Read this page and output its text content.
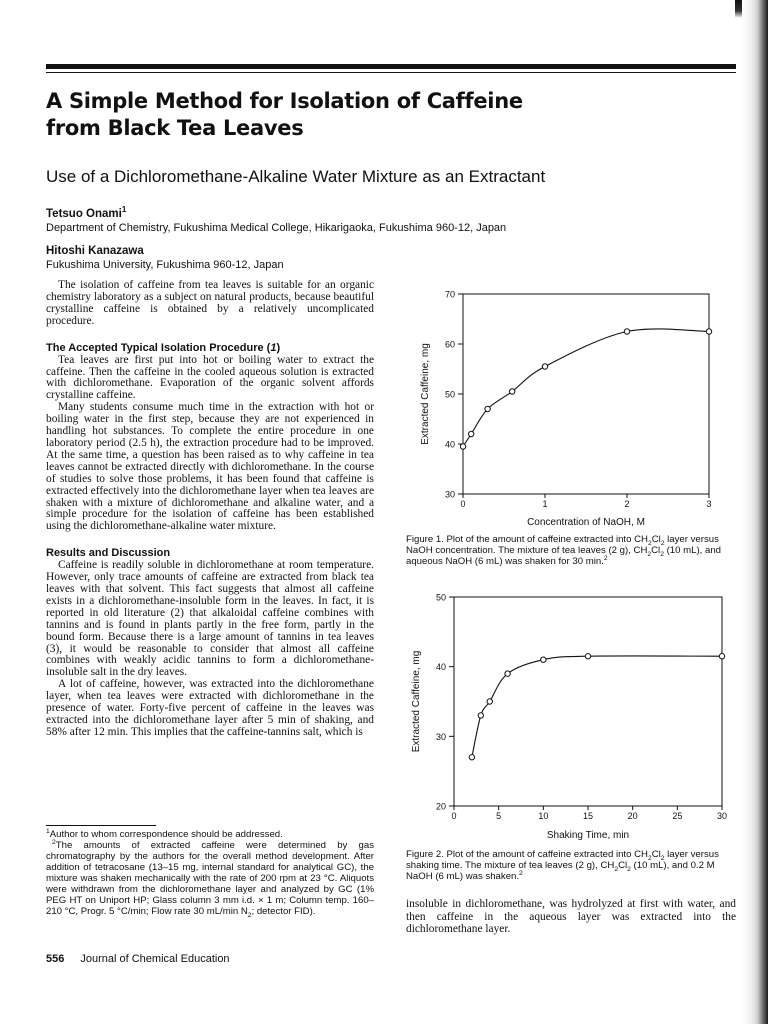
A Simple Method for Isolation of Caffeine
from Black Tea Leaves

Use of a Dichloromethane-Alkaline Water Mixture as an Extractant

Tetsuo Onami$^1$
Department of Chemistry, Fukushima Medical College, Hikarigaoka, Fukushima 960-12, Japan
Hitoshi Kanazawa
Fukushima University, Fukushima 960-12, Japan

The isolation of caffeine from tea leaves is suitable for an organic chemistry laboratory as a subject on natural products, because beautiful crystalline caffeine is obtained by a relatively uncomplicated procedure.

The Accepted Typical Isolation Procedure (1)

Tea leaves are first put into hot or boiling water to extract the caffeine. Then the caffeine in the cooled aqueous solution is extracted with dichloromethane. Evaporation of the organic solvent affords crystalline caffeine.

Many students consume much time in the extraction with hot or boiling water in the first step, because they are not experienced in handling hot substances. To complete the entire procedure in one laboratory period (2.5 h), the extraction procedure had to be improved. At the same time, a question has been raised as to why caffeine in tea leaves cannot be extracted directly with dichloromethane. In the course of studies to solve those problems, it has been found that caffeine is extracted effectively into the dichloromethane layer when tea leaves are shaken with a mixture of dichloromethane and alkaline water, and a simple procedure for the isolation of caffeine has been established using the dichloromethane-alkaline water mixture.

Results and Discussion

Caffeine is readily soluble in dichloromethane at room temperature. However, only trace amounts of caffeine are extracted from black tea leaves with that solvent. This fact suggests that almost all caffeine exists in a dichloromethane-insoluble form in the leaves. In fact, it is reported in old literature (2) that alkaloidal caffeine combines with tannins and is found in plants partly in the free form, partly in the bound form. Because there is a large amount of tannins in tea leaves (3), it would be reasonable to consider that almost all caffeine combines with weakly acidic tannins to form a dichloromethane-insoluble salt in the dry leaves.

A lot of caffeine, however, was extracted into the dichloromethane layer, when tea leaves were extracted with dichloromethane in the presence of water. Forty-five percent of caffeine in the leaves was extracted into the dichloromethane layer after 5 min of shaking, and 58% after 12 min. This implies that the caffeine-tannins salt, which is

$^1$Author to whom correspondence should be addressed.

$^2$The amounts of extracted caffeine were determined by gas chromatography by the authors for the overall method development. After addition of tetracosane (13–15 mg, internal standard for analytical GC), the mixture was shaken mechanically with the rate of 200 rpm at 23 °C. Aliquots were withdrawn from the dichloromethane layer and analyzed by GC (1% PEG HT on Uniport HP; Glass column 3 mm i.d. × 1 m; Column temp. 160–210 °C, Progr. 5 °C/min; Flow rate 30 mL/min $N_2$; detector FID).

556 Journal of Chemical Education
30
40
50
60
70
0	1	2	3
Concentration of NaOH, M
Extracted Caffeine, mg

Figure 1. Plot of the amount of caffeine extracted into $CH_2Cl_2$ layer versus NaOH concentration. The mixture of tea leaves (2 g), $CH_2Cl_2$ (10 mL), and aqueous NaOH (6 mL) was shaken for 30 min.$^2$

20
30
40
50
0	5	10	15	20	25	30
Shaking Time, min
Extracted Caffeine, mg

Figure 2. Plot of the amount of caffeine extracted into $CH_2Cl_2$ layer versus shaking time. The mixture of tea leaves (2 g), $CH_2Cl_2$ (10 mL), and 0.2 M NaOH (6 mL) was shaken.$^2$

insoluble in dichloromethane, was hydrolyzed at first with water, and then caffeine in the aqueous layer was extracted into the dichloromethane layer.
